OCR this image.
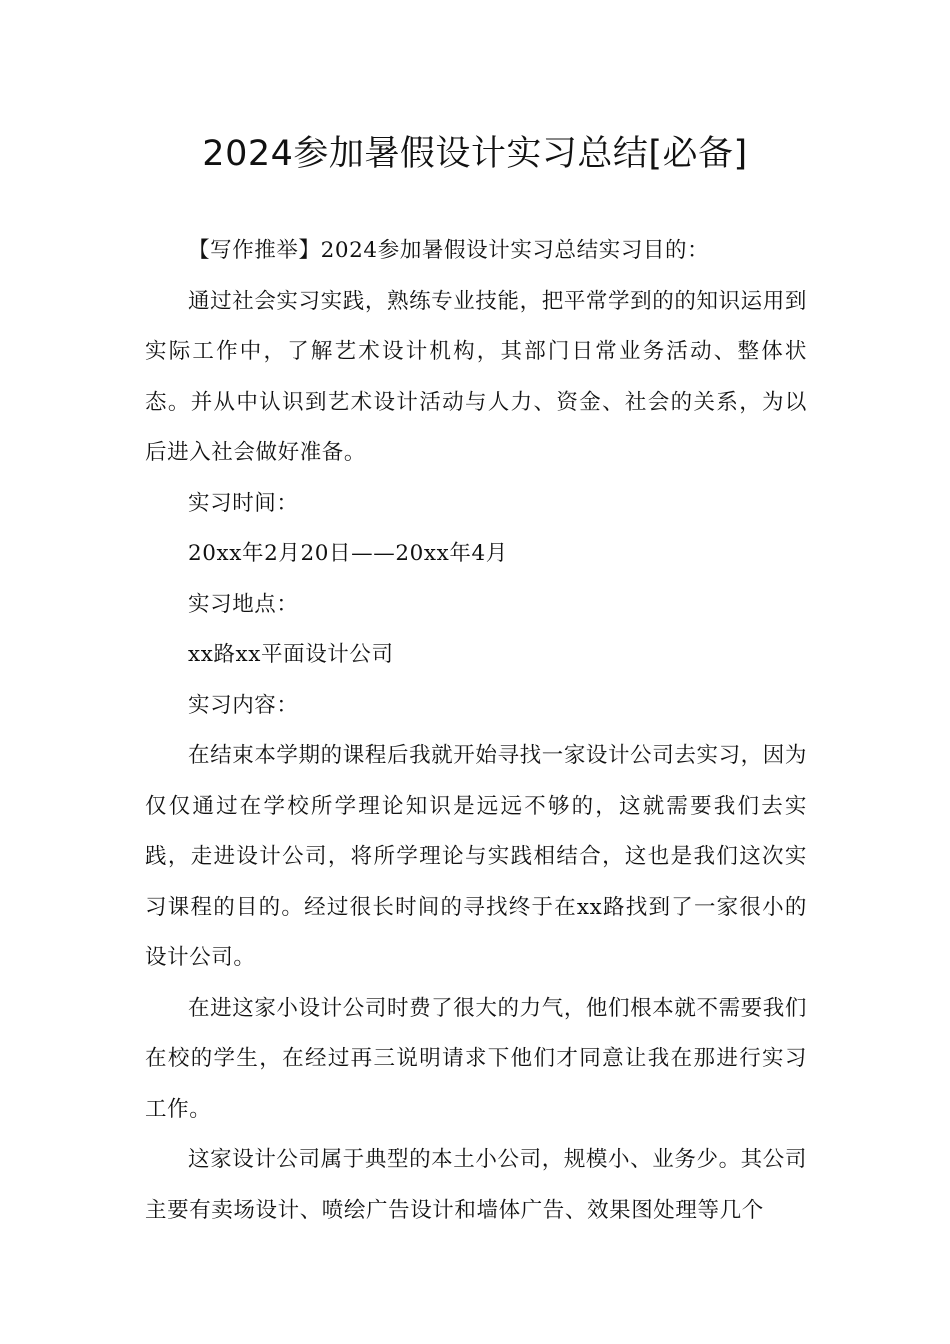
2024参加暑假设计实习总结[必备]

【写作推举】2024参加暑假设计实习总结实习目的：

通过社会实习实践，熟练专业技能，把平常学到的的知识运用到实际工作中，了解艺术设计机构，其部门日常业务活动、整体状态。并从中认识到艺术设计活动与人力、资金、社会的关系，为以后进入社会做好准备。

实习时间：

20xx年2月20日——20xx年4月

实习地点：

xx路xx平面设计公司

实习内容：

在结束本学期的课程后我就开始寻找一家设计公司去实习，因为仅仅通过在学校所学理论知识是远远不够的，这就需要我们去实践，走进设计公司，将所学理论与实践相结合，这也是我们这次实习课程的目的。经过很长时间的寻找终于在xx路找到了一家很小的设计公司。

在进这家小设计公司时费了很大的力气，他们根本就不需要我们在校的学生，在经过再三说明请求下他们才同意让我在那进行实习工作。

这家设计公司属于典型的本土小公司，规模小、业务少。其公司主要有卖场设计、喷绘广告设计和墙体广告、效果图处理等几个
